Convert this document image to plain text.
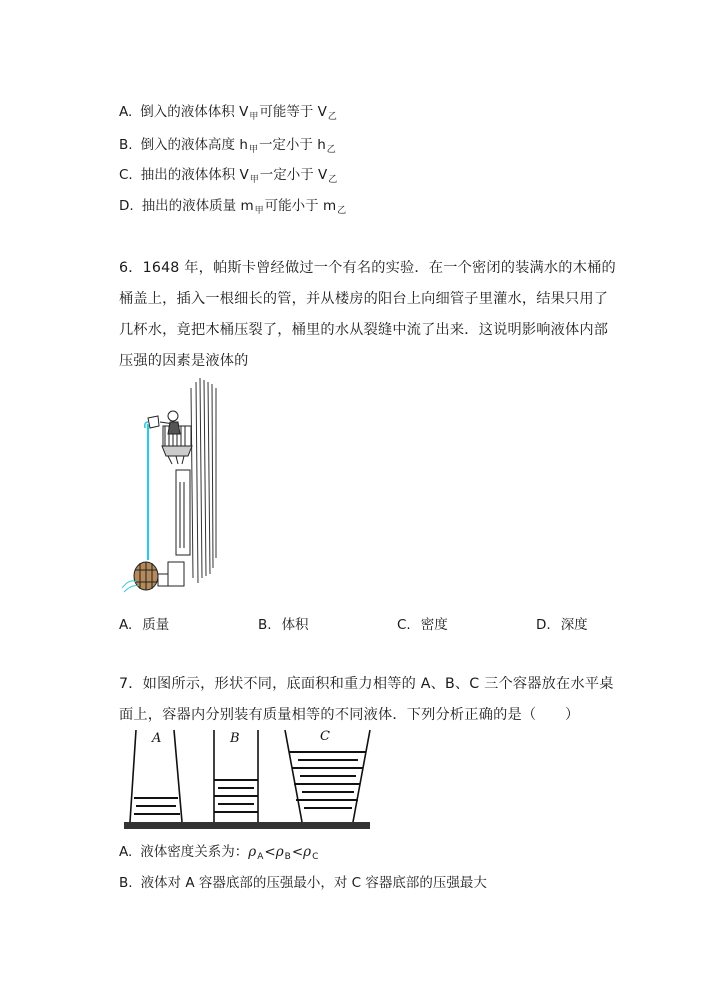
A. 倒入的液体体积 $V_甲$可能等于 $V_乙$
B. 倒入的液体高度 $h_甲$一定小于 $h_乙$
C. 抽出的液体体积 $V_甲$一定小于 $V_乙$
D. 抽出的液体质量 $m_甲$可能小于 $m_乙$
6．1648 年，帕斯卡曾经做过一个有名的实验．在一个密闭的装满水的木桶的
桶盖上，插入一根细长的管，并从楼房的阳台上向细管子里灌水，结果只用了
几杯水，竟把木桶压裂了，桶里的水从裂缝中流了出来．这说明影响液体内部
压强的因素是液体的
A. 质量	B. 体积	C. 密度	D. 深度
7．如图所示，形状不同，底面积和重力相等的 A、B、C 三个容器放在水平桌
面上，容器内分别装有质量相等的不同液体．下列分析正确的是（　　）
A	B	C
A. 液体密度关系为：$\rho_A<\rho_B<\rho_C$
B. 液体对 A 容器底部的压强最小，对 C 容器底部的压强最大
